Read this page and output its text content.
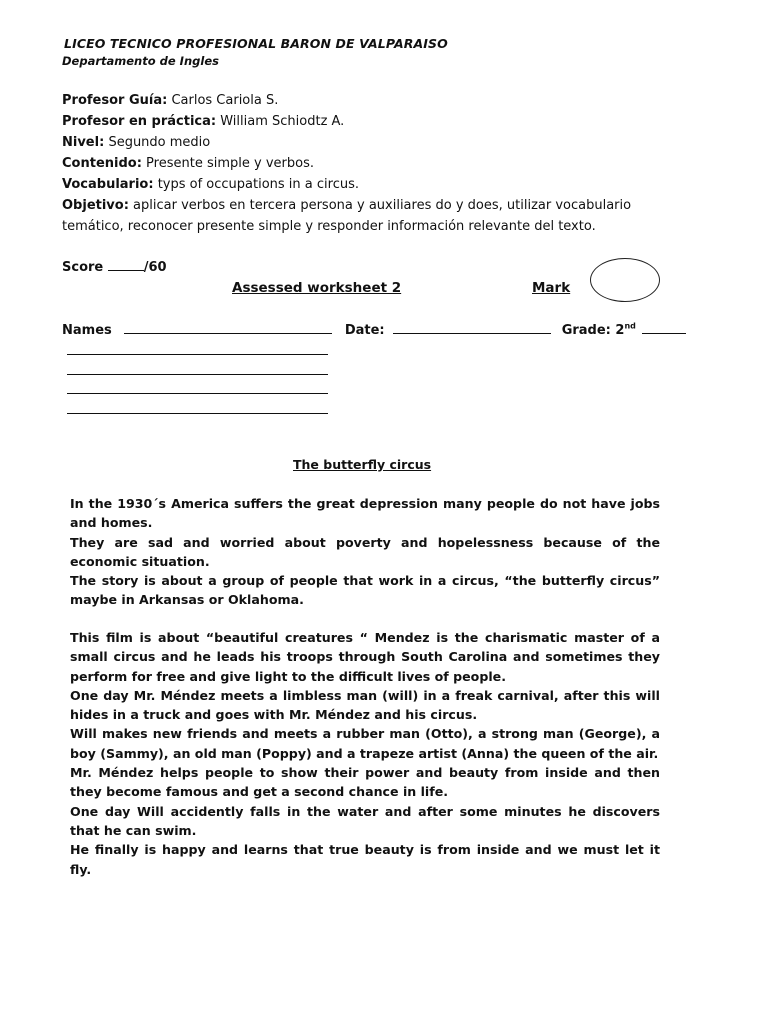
LICEO TECNICO PROFESIONAL BARON DE VALPARAISO
Departamento de Ingles
Profesor Guía: Carlos Cariola S.
Profesor en práctica: William Schiodtz A.
Nivel: Segundo medio
Contenido: Presente simple y verbos.
Vocabulario: typs of occupations in a circus.
Objetivo: aplicar verbos en tercera persona y auxiliares do y does, utilizar vocabulario temático, reconocer presente simple y responder información relevante del texto.
Score	/60
Assessed worksheet 2	Mark
Names	Date:	Grade: 2nd
The butterfly circus

In the 1930´s America suffers the great depression many people do not have jobs and homes.

They are sad and worried about poverty and hopelessness because of the economic situation.

The story is about a group of people that work in a circus, “the butterfly circus” maybe in Arkansas or Oklahoma.

This film is about “beautiful creatures “ Mendez is the charismatic master of a small circus and he leads his troops through South Carolina and sometimes they perform for free and give light to the difficult lives of people.

One day Mr. Méndez meets a limbless man (will) in a freak carnival, after this will hides in a truck and goes with Mr. Méndez and his circus.

Will makes new friends and meets a rubber man (Otto), a strong man (George), a boy (Sammy), an old man (Poppy) and a trapeze artist (Anna) the queen of the air.

Mr. Méndez helps people to show their power and beauty from inside and then they become famous and get a second chance in life.

One day Will accidently falls in the water and after some minutes he discovers that he can swim.

He finally is happy and learns that true beauty is from inside and we must let it fly.
